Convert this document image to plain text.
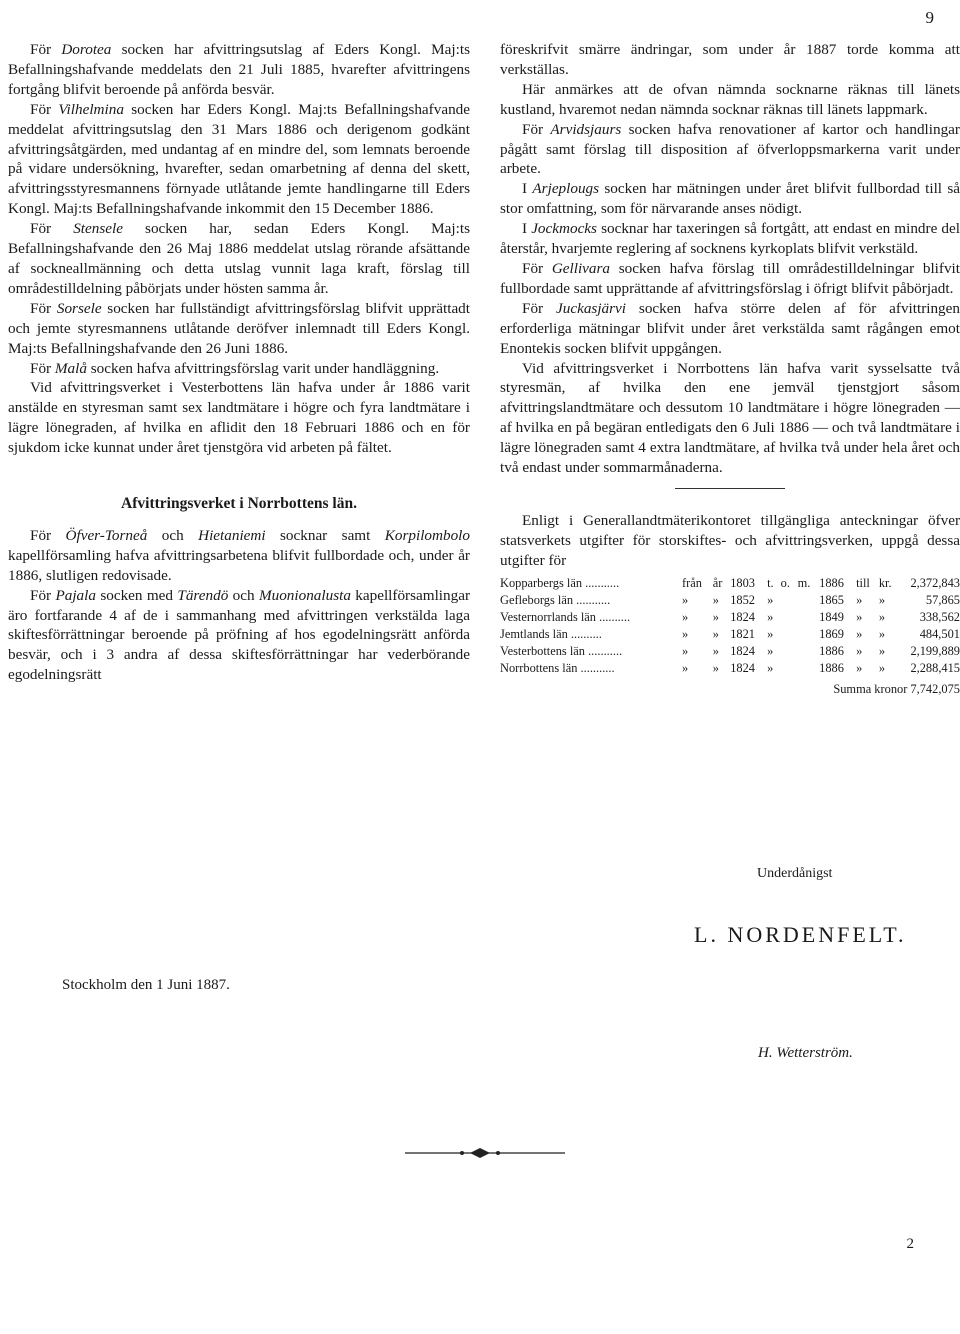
9

För Dorotea socken har afvittringsutslag af Eders Kongl. Maj:ts Befallningshafvande meddelats den 21 Juli 1885, hvarefter afvittringens fortgång blifvit beroende på anförda besvär.

För Vilhelmina socken har Eders Kongl. Maj:ts Befallningshafvande meddelat afvittringsutslag den 31 Mars 1886 och derigenom godkänt afvittringsåtgärden, med undantag af en mindre del, som lemnats beroende på vidare undersökning, hvarefter, sedan omarbetning af denna del skett, afvittringsstyresmannens förnyade utlåtande jemte handlingarne till Eders Kongl. Maj:ts Befallningshafvande inkommit den 15 December 1886.

För Stensele socken har, sedan Eders Kongl. Maj:ts Befallningshafvande den 26 Maj 1886 meddelat utslag rörande afsättande af sockneallmänning och detta utslag vunnit laga kraft, förslag till områdestilldelning påbörjats under hösten samma år.

För Sorsele socken har fullständigt afvittringsförslag blifvit upprättadt och jemte styresmannens utlåtande deröfver inlemnadt till Eders Kongl. Maj:ts Befallningshafvande den 26 Juni 1886.

För Malå socken hafva afvittringsförslag varit under handläggning.

Vid afvittringsverket i Vesterbottens län hafva under år 1886 varit anstälde en styresman samt sex landtmätare i högre och fyra landtmätare i lägre lönegraden, af hvilka en aflidit den 18 Februari 1886 och en för sjukdom icke kunnat under året tjenstgöra vid arbeten på fältet.

Afvittringsverket i Norrbottens län.

För Öfver-Torneå och Hietaniemi socknar samt Korpilombolo kapellförsamling hafva afvittringsarbetena blifvit fullbordade och, under år 1886, slutligen redovisade.

För Pajala socken med Tärendö och Muonionalusta kapellförsamlingar äro fortfarande 4 af de i sammanhang med afvittringen verkstälda laga skiftesförrättningar beroende på pröfning af hos egodelningsrätt anförda besvär, och i 3 andra af dessa skiftesförrättningar har vederbörande egodelningsrätt

föreskrifvit smärre ändringar, som under år 1887 torde komma att verkställas.

Här anmärkes att de ofvan nämnda socknarne räknas till länets kustland, hvaremot nedan nämnda socknar räknas till länets lappmark.

För Arvidsjaurs socken hafva renovationer af kartor och handlingar pågått samt förslag till disposition af öfverloppsmarkerna varit under arbete.

I Arjeplougs socken har mätningen under året blifvit fullbordad till så stor omfattning, som för närvarande anses nödigt.

I Jockmocks socknar har taxeringen så fortgått, att endast en mindre del återstår, hvarjemte reglering af socknens kyrkoplats blifvit verkstäld.

För Gellivara socken hafva förslag till områdestilldelningar blifvit fullbordade samt upprättande af afvittringsförslag i öfrigt blifvit påbörjadt.

För Juckasjärvi socken hafva större delen af för afvittringen erforderliga mätningar blifvit under året verkstälda samt rågången emot Enontekis socken blifvit uppgången.

Vid afvittringsverket i Norrbottens län hafva varit sysselsatte två styresmän, af hvilka den ene jemväl tjenstgjort såsom afvittringslandtmätare och dessutom 10 landtmätare i högre lönegraden — af hvilka en på begäran entledigats den 6 Juli 1886 — och två landtmätare i lägre lönegraden samt 4 extra landtmätare, af hvilka två under hela året och två endast under sommarmånaderna.

Enligt i Generallandtmäterikontoret tillgängliga anteckningar öfver statsverkets utgifter för storskiftes- och afvittringsverken, uppgå dessa utgifter för

Kopparbergs län ...........	från	år	1803	t.	o.	m.	1886	till	kr.	2,372,843
Gefleborgs län ...........	»	»	1852	»			1865	»	»	57,865
Vesternorrlands län ..........	»	»	1824	»			1849	»	»	338,562
Jemtlands län ..........	»	»	1821	»			1869	»	»	484,501
Vesterbottens län ...........	»	»	1824	»			1886	»	»	2,199,889
Norrbottens län ...........	»	»	1824	»			1886	»	»	2,288,415
Summa kronor 7,742,075
Underdånigst
L. NORDENFELT.
Stockholm den 1 Juni 1887.
H. Wetterström.
2
